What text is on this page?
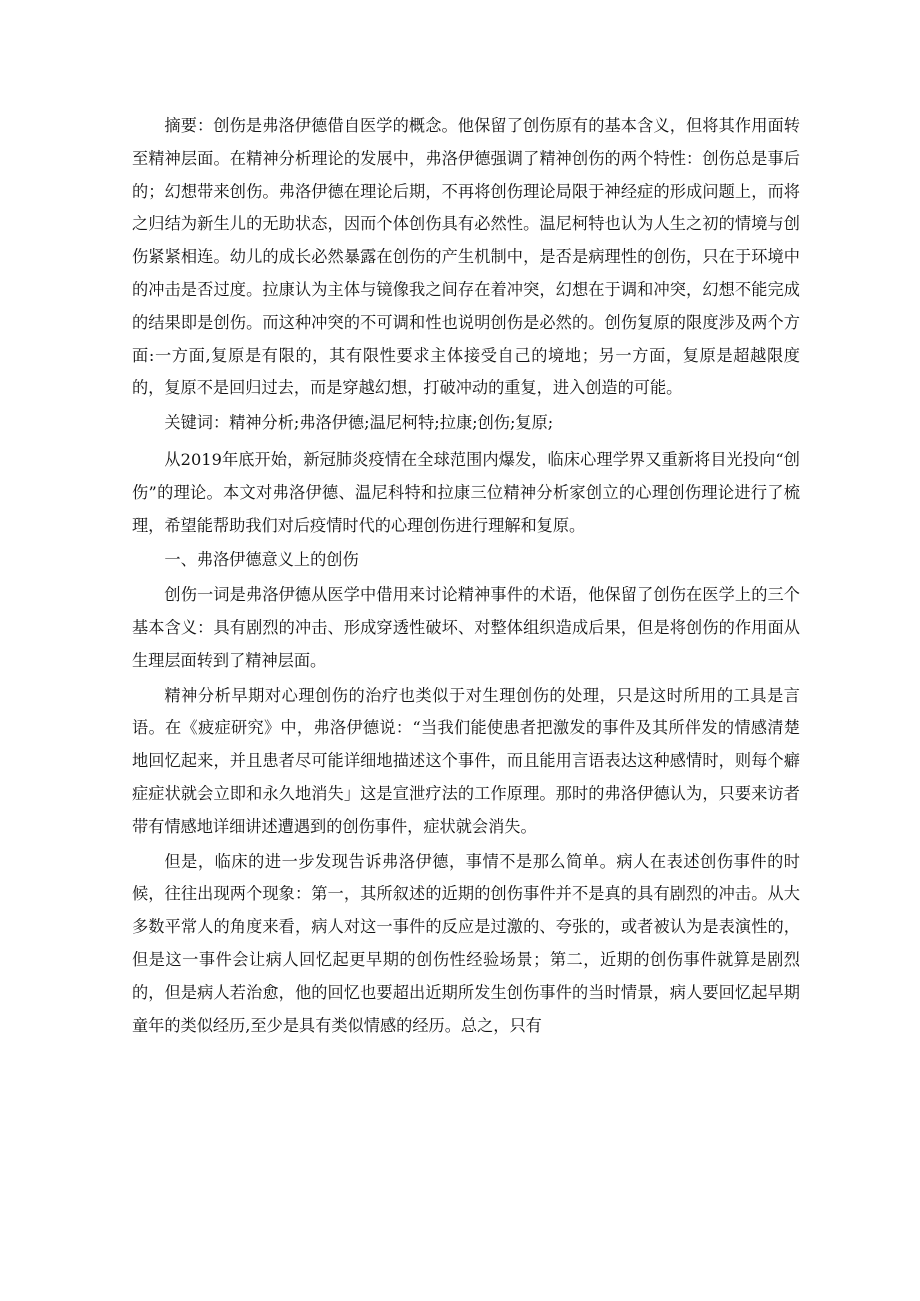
摘要：创伤是弗洛伊德借自医学的概念。他保留了创伤原有的基本含义，但将其作用面转至精神层面。在精神分析理论的发展中，弗洛伊德强调了精神创伤的两个特性：创伤总是事后的；幻想带来创伤。弗洛伊德在理论后期，不再将创伤理论局限于神经症的形成问题上，而将之归结为新生儿的无助状态，因而个体创伤具有必然性。温尼柯特也认为人生之初的情境与创伤紧紧相连。幼儿的成长必然暴露在创伤的产生机制中，是否是病理性的创伤，只在于环境中的冲击是否过度。拉康认为主体与镜像我之间存在着冲突，幻想在于调和冲突，幻想不能完成的结果即是创伤。而这种冲突的不可调和性也说明创伤是必然的。创伤复原的限度涉及两个方面:一方面,复原是有限的，其有限性要求主体接受自己的境地；另一方面，复原是超越限度的，复原不是回归过去，而是穿越幻想，打破冲动的重复，进入创造的可能。

关键词：精神分析;弗洛伊德;温尼柯特;拉康;创伤;复原;

从2019年底开始，新冠肺炎疫情在全球范围内爆发，临床心理学界又重新将目光投向“创伤”的理论。本文对弗洛伊德、温尼科特和拉康三位精神分析家创立的心理创伤理论进行了梳理，希望能帮助我们对后疫情时代的心理创伤进行理解和复原。

一、弗洛伊德意义上的创伤

创伤一词是弗洛伊德从医学中借用来讨论精神事件的术语，他保留了创伤在医学上的三个基本含义：具有剧烈的冲击、形成穿透性破坏、对整体组织造成后果，但是将创伤的作用面从生理层面转到了精神层面。

精神分析早期对心理创伤的治疗也类似于对生理创伤的处理，只是这时所用的工具是言语。在《疲症研究》中，弗洛伊德说：“当我们能使患者把激发的事件及其所伴发的情感清楚地回忆起来，并且患者尽可能详细地描述这个事件，而且能用言语表达这种感情时，则每个癖症症状就会立即和永久地消失」这是宣泄疗法的工作原理。那时的弗洛伊德认为，只要来访者带有情感地详细讲述遭遇到的创伤事件，症状就会消失。

但是，临床的进一步发现告诉弗洛伊德，事情不是那么简单。病人在表述创伤事件的时候，往往出现两个现象：第一，其所叙述的近期的创伤事件并不是真的具有剧烈的冲击。从大多数平常人的角度来看，病人对这一事件的反应是过激的、夸张的，或者被认为是表演性的，但是这一事件会让病人回忆起更早期的创伤性经验场景；第二，近期的创伤事件就算是剧烈的，但是病人若治愈，他的回忆也要超出近期所发生创伤事件的当时情景，病人要回忆起早期童年的类似经历,至少是具有类似情感的经历。总之，只有
